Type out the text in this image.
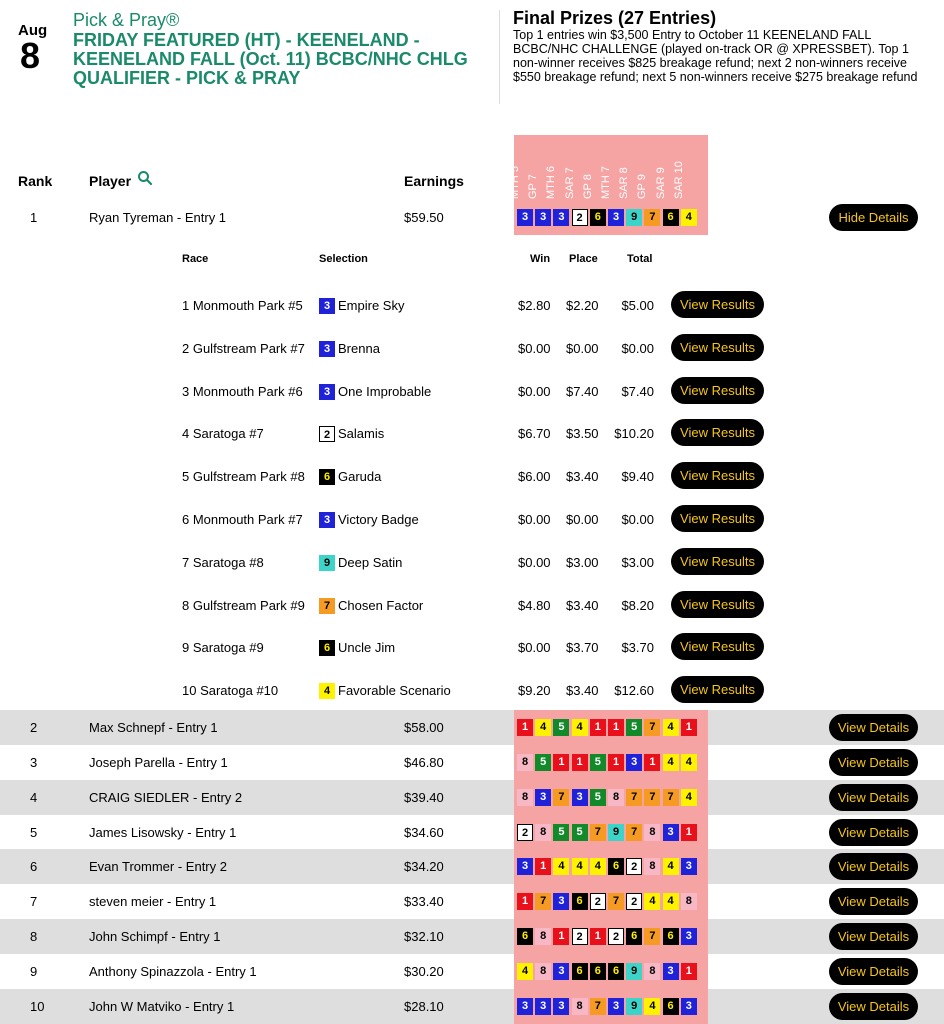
Aug
8
Pick & Pray®
FRIDAY FEATURED (HT) - KEENELAND - KEENELAND FALL (Oct. 11) BCBC/NHC CHLG QUALIFIER - PICK & PRAY
Final Prizes (27 Entries)
Top 1 entries win $3,500 Entry to October 11 KEENELAND FALL BCBC/NHC CHALLENGE (played on-track OR @ XPRESSBET). Top 1 non-winner receives $825 breakage refund; next 2 non-winners receive $550 breakage refund; next 5 non-winners receive $275 breakage refund
Rank	Player	Earnings
Race	Selection	Win Place	Total
MTH 5 GP 7 MTH 6 SAR 7 GP 8 MTH 7 SAR 8 GP 9 SAR 9 SAR 10
1	Ryan Tyreman - Entry 1	$59.50	3	3	3	2	6	3	9	7	6	4	Hide Details
1 Monmouth Park #5	3 Empire Sky	$2.80 $2.20 $5.00	View Results
2 Gulfstream Park #7	3 Brenna	$0.00 $0.00 $0.00	View Results
3 Monmouth Park #6	3 One Improbable	$0.00 $7.40 $7.40	View Results
4 Saratoga #7	2 Salamis	$6.70 $3.50 $10.20	View Results
5 Gulfstream Park #8	6 Garuda	$6.00 $3.40 $9.40	View Results
6 Monmouth Park #7	3 Victory Badge	$0.00 $0.00 $0.00	View Results
7 Saratoga #8	9 Deep Satin	$0.00 $3.00 $3.00	View Results
8 Gulfstream Park #9	7 Chosen Factor	$4.80 $3.40 $8.20	View Results
9 Saratoga #9	6 Uncle Jim	$0.00 $3.70 $3.70	View Results
10 Saratoga #10	4 Favorable Scenario	$9.20 $3.40 $12.60	View Results
2	Max Schnepf - Entry 1	$58.00	1	4	5	4	1	1	5	7	4	1	View Details
3	Joseph Parella - Entry 1	$46.80	8	5	1	1	5	1	3	1	4	4	View Details
4	CRAIG SIEDLER - Entry 2	$39.40	8	3	7	3	5	8	7	7	7	4	View Details
5	James Lisowsky - Entry 1	$34.60	2	8	5	5	7	9	7	8	3	1	View Details
6	Evan Trommer - Entry 2	$34.20	3	1	4	4	4	6	2	8	4	3	View Details
7	steven meier - Entry 1	$33.40	1	7	3	6	2	7	2	4	4	8	View Details
8	John Schimpf - Entry 1	$32.10	6	8	1	2	1	2	6	7	6	3	View Details
9	Anthony Spinazzola - Entry 1	$30.20	4	8	3	6	6	6	9	8	3	1	View Details
10	John W Matviko - Entry 1	$28.10	3	3	3	8	7	3	9	4	6	3	View Details
